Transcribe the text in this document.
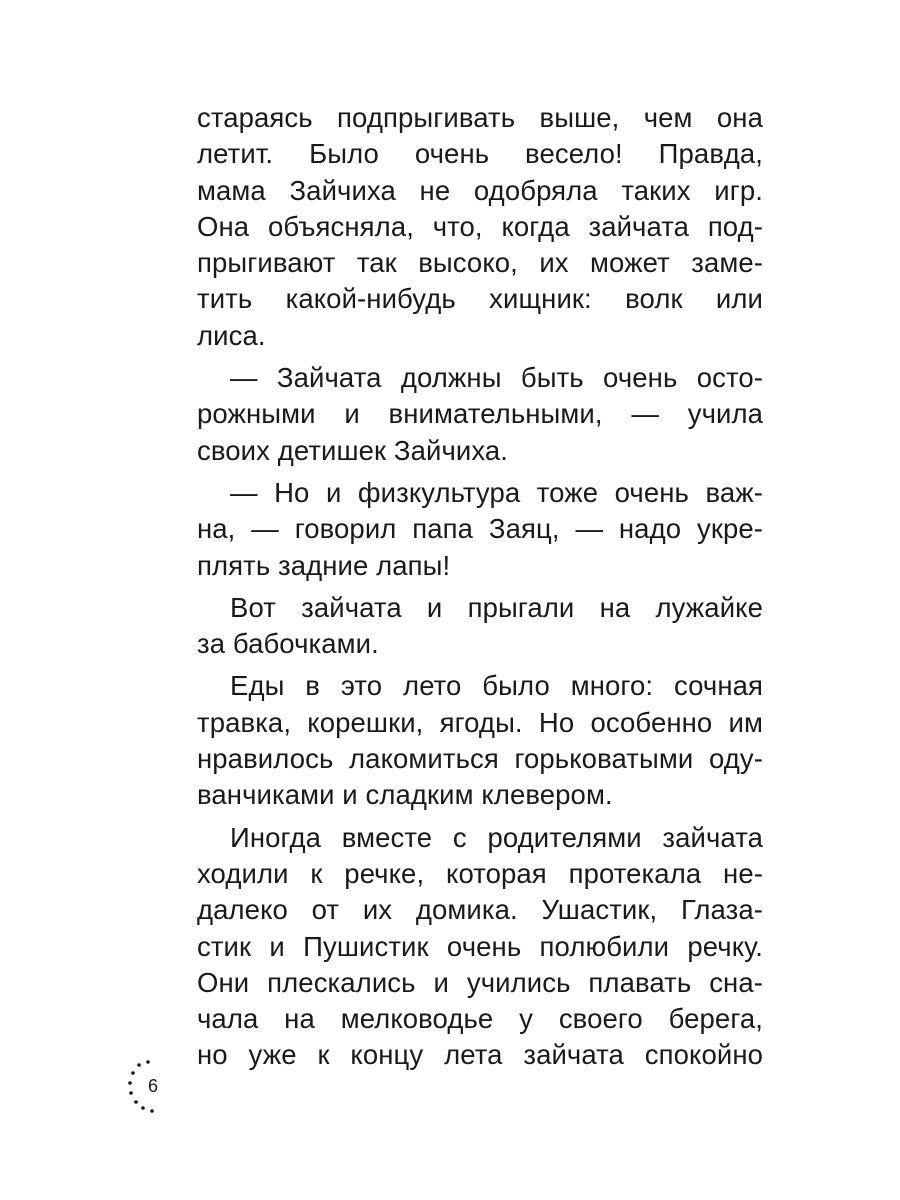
стараясь подпрыгивать выше, чем она
летит. Было очень весело! Правда,
мама Зайчиха не одобряла таких игр.
Она объясняла, что, когда зайчата под-
прыгивают так высоко, их может заме-
тить какой-нибудь хищник: волк или
лиса.
— Зайчата должны быть очень осто-
рожными и внимательными, — учила
своих детишек Зайчиха.
— Но и физкультура тоже очень важ-
на, — говорил папа Заяц, — надо укре-
плять задние лапы!
Вот зайчата и прыгали на лужайке
за бабочками.
Еды в это лето было много: сочная
травка, корешки, ягоды. Но особенно им
нравилось лакомиться горьковатыми оду-
ванчиками и сладким клевером.
Иногда вместе с родителями зайчата
ходили к речке, которая протекала не-
далеко от их домика. Ушастик, Глаза-
стик и Пушистик очень полюбили речку.
Они плескались и учились плавать сна-
чала на мелководье у своего берега,
но уже к концу лета зайчата спокойно
6
